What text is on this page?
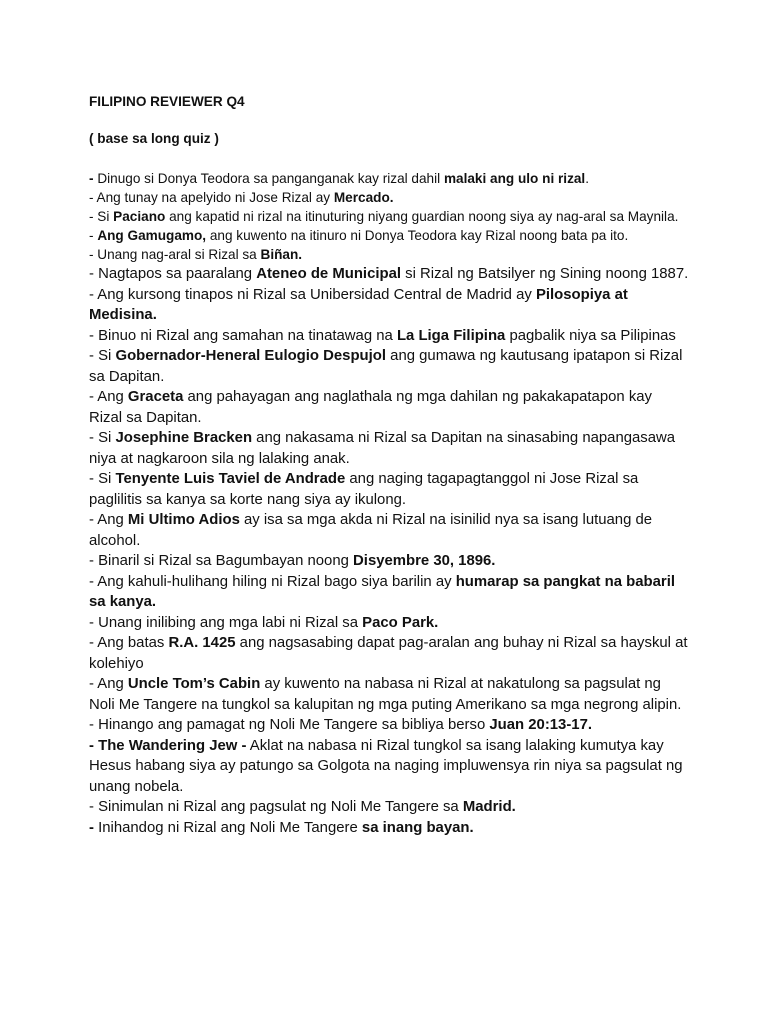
FILIPINO REVIEWER Q4

( base sa long quiz )

- Dinugo si Donya Teodora sa panganganak kay rizal dahil malaki ang ulo ni rizal.

- Ang tunay na apelyido ni Jose Rizal ay Mercado.

- Si Paciano ang kapatid ni rizal na itinuturing niyang guardian noong siya ay nag-aral sa Maynila.

- Ang Gamugamo, ang kuwento na itinuro ni Donya Teodora kay Rizal noong bata pa ito.

- Unang nag-aral si Rizal sa Biñan.

- Nagtapos sa paaralang Ateneo de Municipal si Rizal ng Batsilyer ng Sining noong 1887.

- Ang kursong tinapos ni Rizal sa Unibersidad Central de Madrid ay Pilosopiya at Medisina.

- Binuo ni Rizal ang samahan na tinatawag na La Liga Filipina pagbalik niya sa Pilipinas

- Si Gobernador-Heneral Eulogio Despujol ang gumawa ng kautusang ipatapon si Rizal sa Dapitan.

- Ang Graceta ang pahayagan ang naglathala ng mga dahilan ng pakakapatapon kay Rizal sa Dapitan.

- Si Josephine Bracken ang nakasama ni Rizal sa Dapitan na sinasabing napangasawa niya at nagkaroon sila ng lalaking anak.

- Si Tenyente Luis Taviel de Andrade ang naging tagapagtanggol ni Jose Rizal sa paglilitis sa kanya sa korte nang siya ay ikulong.

- Ang Mi Ultimo Adios ay isa sa mga akda ni Rizal na isinilid nya sa isang lutuang de alcohol.

- Binaril si Rizal sa Bagumbayan noong Disyembre 30, 1896.

- Ang kahuli-hulihang hiling ni Rizal bago siya barilin ay humarap sa pangkat na babaril sa kanya.

- Unang inilibing ang mga labi ni Rizal sa Paco Park.

- Ang batas R.A. 1425 ang nagsasabing dapat pag-aralan ang buhay ni Rizal sa hayskul at kolehiyo

- Ang Uncle Tom’s Cabin ay kuwento na nabasa ni Rizal at nakatulong sa pagsulat ng Noli Me Tangere na tungkol sa kalupitan ng mga puting Amerikano sa mga negrong alipin.

- Hinango ang pamagat ng Noli Me Tangere sa bibliya berso Juan 20:13-17.

- The Wandering Jew - Aklat na nabasa ni Rizal tungkol sa isang lalaking kumutya kay Hesus habang siya ay patungo sa Golgota na naging impluwensya rin niya sa pagsulat ng unang nobela.

- Sinimulan ni Rizal ang pagsulat ng Noli Me Tangere sa Madrid.

- Inihandog ni Rizal ang Noli Me Tangere sa inang bayan.
